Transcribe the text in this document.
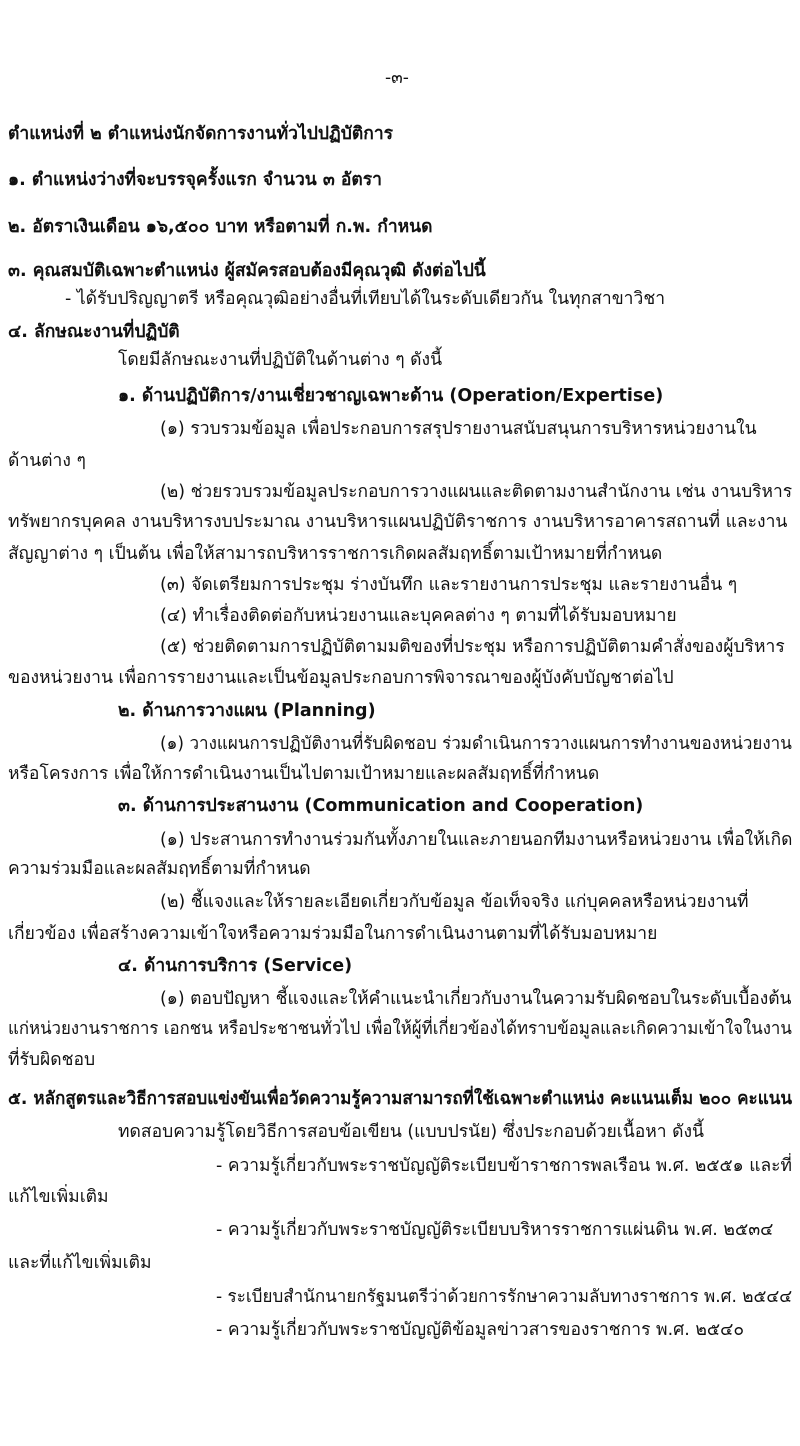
-๓-
ตำแหน่งที่ ๒ ตำแหน่งนักจัดการงานทั่วไปปฏิบัติการ
๑. ตำแหน่งว่างที่จะบรรจุครั้งแรก จำนวน ๓ อัตรา
๒. อัตราเงินเดือน ๑๖,๕๐๐ บาท หรือตามที่ ก.พ. กำหนด
๓. คุณสมบัติเฉพาะตำแหน่ง ผู้สมัครสอบต้องมีคุณวุฒิ ดังต่อไปนี้
- ได้รับปริญญาตรี หรือคุณวุฒิอย่างอื่นที่เทียบได้ในระดับเดียวกัน ในทุกสาขาวิชา
๔. ลักษณะงานที่ปฏิบัติ
โดยมีลักษณะงานที่ปฏิบัติในด้านต่าง ๆ ดังนี้
๑. ด้านปฏิบัติการ/งานเชี่ยวชาญเฉพาะด้าน (Operation/Expertise)
(๑) รวบรวมข้อมูล เพื่อประกอบการสรุปรายงานสนับสนุนการบริหารหน่วยงานใน
ด้านต่าง ๆ
(๒) ช่วยรวบรวมข้อมูลประกอบการวางแผนและติดตามงานสำนักงาน เช่น งานบริหาร
ทรัพยากรบุคคล งานบริหารงบประมาณ งานบริหารแผนปฏิบัติราชการ งานบริหารอาคารสถานที่ และงาน
สัญญาต่าง ๆ เป็นต้น เพื่อให้สามารถบริหารราชการเกิดผลสัมฤทธิ์ตามเป้าหมายที่กำหนด
(๓) จัดเตรียมการประชุม ร่างบันทึก และรายงานการประชุม และรายงานอื่น ๆ
(๔) ทำเรื่องติดต่อกับหน่วยงานและบุคคลต่าง ๆ ตามที่ได้รับมอบหมาย
(๕) ช่วยติดตามการปฏิบัติตามมติของที่ประชุม หรือการปฏิบัติตามคำสั่งของผู้บริหาร
ของหน่วยงาน เพื่อการรายงานและเป็นข้อมูลประกอบการพิจารณาของผู้บังคับบัญชาต่อไป
๒. ด้านการวางแผน (Planning)
(๑) วางแผนการปฏิบัติงานที่รับผิดชอบ ร่วมดำเนินการวางแผนการทำงานของหน่วยงาน
หรือโครงการ เพื่อให้การดำเนินงานเป็นไปตามเป้าหมายและผลสัมฤทธิ์ที่กำหนด
๓. ด้านการประสานงาน (Communication and Cooperation)
(๑) ประสานการทำงานร่วมกันทั้งภายในและภายนอกทีมงานหรือหน่วยงาน เพื่อให้เกิด
ความร่วมมือและผลสัมฤทธิ์ตามที่กำหนด
(๒) ชี้แจงและให้รายละเอียดเกี่ยวกับข้อมูล ข้อเท็จจริง แก่บุคคลหรือหน่วยงานที่
เกี่ยวข้อง เพื่อสร้างความเข้าใจหรือความร่วมมือในการดำเนินงานตามที่ได้รับมอบหมาย
๔. ด้านการบริการ (Service)
(๑) ตอบปัญหา ชี้แจงและให้คำแนะนำเกี่ยวกับงานในความรับผิดชอบในระดับเบื้องต้น
แก่หน่วยงานราชการ เอกชน หรือประชาชนทั่วไป เพื่อให้ผู้ที่เกี่ยวข้องได้ทราบข้อมูลและเกิดความเข้าใจในงาน
ที่รับผิดชอบ
๕. หลักสูตรและวิธีการสอบแข่งขันเพื่อวัดความรู้ความสามารถที่ใช้เฉพาะตำแหน่ง คะแนนเต็ม ๒๐๐ คะแนน
ทดสอบความรู้โดยวิธีการสอบข้อเขียน (แบบปรนัย) ซึ่งประกอบด้วยเนื้อหา ดังนี้
- ความรู้เกี่ยวกับพระราชบัญญัติระเบียบข้าราชการพลเรือน พ.ศ. ๒๕๕๑ และที่
แก้ไขเพิ่มเติม
- ความรู้เกี่ยวกับพระราชบัญญัติระเบียบบริหารราชการแผ่นดิน พ.ศ. ๒๕๓๔
และที่แก้ไขเพิ่มเติม
- ระเบียบสำนักนายกรัฐมนตรีว่าด้วยการรักษาความลับทางราชการ พ.ศ. ๒๕๔๔
- ความรู้เกี่ยวกับพระราชบัญญัติข้อมูลข่าวสารของราชการ พ.ศ. ๒๕๔๐
